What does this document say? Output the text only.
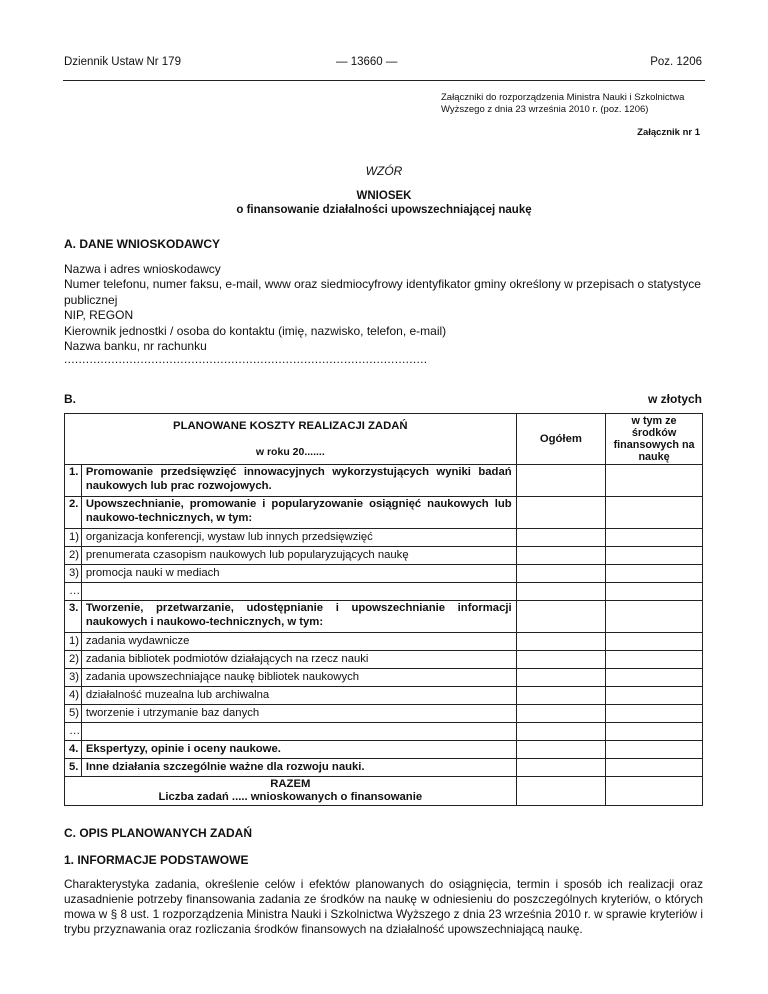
Dziennik Ustaw Nr 179	— 13660 —	Poz. 1206
Załączniki do rozporządzenia Ministra Nauki i Szkolnictwa
Wyższego z dnia 23 września 2010 r. (poz. 1206)
Załącznik nr 1
WZÓR
WNIOSEK
o finansowanie działalności upowszechniającej naukę
A. DANE WNIOSKODAWCY
Nazwa i adres wnioskodawcy
Numer telefonu, numer faksu, e-mail, www oraz siedmiocyfrowy identyfikator gminy określony w przepisach o statystyce publicznej
NIP, REGON
Kierownik jednostki / osoba do kontaktu (imię, nazwisko, telefon, e-mail)
Nazwa banku, nr rachunku
....................................................................................................
B.	w złotych
PLANOWANE KOSZTY REALIZACJI ZADAŃ
w roku 20.......		Ogółem	w tym ze środków finansowych na naukę
1.	Promowanie przedsięwzięć innowacyjnych wykorzystujących wyniki badań naukowych lub prac rozwojowych.		
2.	Upowszechnianie, promowanie i popularyzowanie osiągnięć naukowych lub naukowo-technicznych, w tym:		
1)	organizacja konferencji, wystaw lub innych przedsięwzięć		
2)	prenumerata czasopism naukowych lub popularyzujących naukę		
3)	promocja nauki w mediach		
…			
3.	Tworzenie, przetwarzanie, udostępnianie i upowszechnianie informacji naukowych i naukowo-technicznych, w tym:		
1)	zadania wydawnicze		
2)	zadania bibliotek podmiotów działających na rzecz nauki		
3)	zadania upowszechniające naukę bibliotek naukowych		
4)	działalność muzealna lub archiwalna		
5)	tworzenie i utrzymanie baz danych		
…			
4.	Ekspertyzy, opinie i oceny naukowe.		
5.	Inne działania szczególnie ważne dla rozwoju nauki.		

RAZEM
Liczba zadań ..... wnioskowanych o finansowanie			

C. OPIS PLANOWANYCH ZADAŃ
1. INFORMACJE PODSTAWOWE
Charakterystyka zadania, określenie celów i efektów planowanych do osiągnięcia, termin i sposób ich realizacji oraz uzasadnienie potrzeby finansowania zadania ze środków na naukę w odniesieniu do poszczególnych kryteriów, o których mowa w § 8 ust. 1 rozporządzenia Ministra Nauki i Szkolnictwa Wyższego z dnia 23 września 2010 r. w sprawie kryteriów i trybu przyznawania oraz rozliczania środków finansowych na działalność upowszechniającą naukę.
